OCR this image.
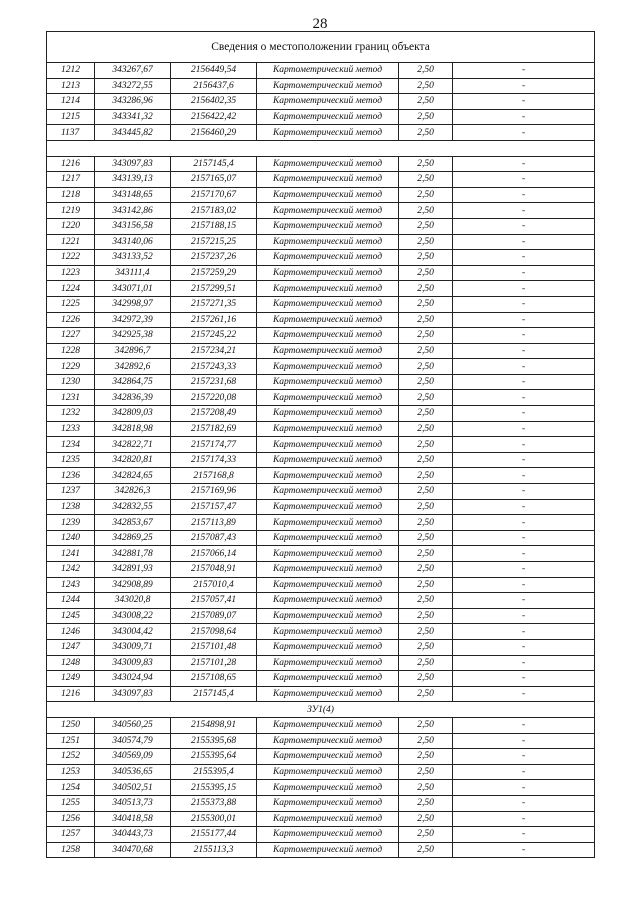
28
Сведения о местоположении границ объекта					
1212	343267,67	2156449,54	Картометрический метод	2,50	-
1213	343272,55	2156437,6	Картометрический метод	2,50	-
1214	343286,96	2156402,35	Картометрический метод	2,50	-
1215	343341,32	2156422,42	Картометрический метод	2,50	-
1137	343445,82	2156460,29	Картометрический метод	2,50	-

1216	343097,83	2157145,4	Картометрический метод	2,50	-
1217	343139,13	2157165,07	Картометрический метод	2,50	-
1218	343148,65	2157170,67	Картометрический метод	2,50	-
1219	343142,86	2157183,02	Картометрический метод	2,50	-
1220	343156,58	2157188,15	Картометрический метод	2,50	-
1221	343140,06	2157215,25	Картометрический метод	2,50	-
1222	343133,52	2157237,26	Картометрический метод	2,50	-
1223	343111,4	2157259,29	Картометрический метод	2,50	-
1224	343071,01	2157299,51	Картометрический метод	2,50	-
1225	342998,97	2157271,35	Картометрический метод	2,50	-
1226	342972,39	2157261,16	Картометрический метод	2,50	-
1227	342925,38	2157245,22	Картометрический метод	2,50	-
1228	342896,7	2157234,21	Картометрический метод	2,50	-
1229	342892,6	2157243,33	Картометрический метод	2,50	-
1230	342864,75	2157231,68	Картометрический метод	2,50	-
1231	342836,39	2157220,08	Картометрический метод	2,50	-
1232	342809,03	2157208,49	Картометрический метод	2,50	-
1233	342818,98	2157182,69	Картометрический метод	2,50	-
1234	342822,71	2157174,77	Картометрический метод	2,50	-
1235	342820,81	2157174,33	Картометрический метод	2,50	-
1236	342824,65	2157168,8	Картометрический метод	2,50	-
1237	342826,3	2157169,96	Картометрический метод	2,50	-
1238	342832,55	2157157,47	Картометрический метод	2,50	-
1239	342853,67	2157113,89	Картометрический метод	2,50	-
1240	342869,25	2157087,43	Картометрический метод	2,50	-
1241	342881,78	2157066,14	Картометрический метод	2,50	-
1242	342891,93	2157048,91	Картометрический метод	2,50	-
1243	342908,89	2157010,4	Картометрический метод	2,50	-
1244	343020,8	2157057,41	Картометрический метод	2,50	-
1245	343008,22	2157089,07	Картометрический метод	2,50	-
1246	343004,42	2157098,64	Картометрический метод	2,50	-
1247	343009,71	2157101,48	Картометрический метод	2,50	-
1248	343009,83	2157101,28	Картометрический метод	2,50	-
1249	343024,94	2157108,65	Картометрический метод	2,50	-
1216	343097,83	2157145,4	Картометрический метод	2,50	-
ЗУ1(4)					
1250	340560,25	2154898,91	Картометрический метод	2,50	-
1251	340574,79	2155395,68	Картометрический метод	2,50	-
1252	340569,09	2155395,64	Картометрический метод	2,50	-
1253	340536,65	2155395,4	Картометрический метод	2,50	-
1254	340502,51	2155395,15	Картометрический метод	2,50	-
1255	340513,73	2155373,88	Картометрический метод	2,50	-
1256	340418,58	2155300,01	Картометрический метод	2,50	-
1257	340443,73	2155177,44	Картометрический метод	2,50	-
1258	340470,68	2155113,3	Картометрический метод	2,50	-
